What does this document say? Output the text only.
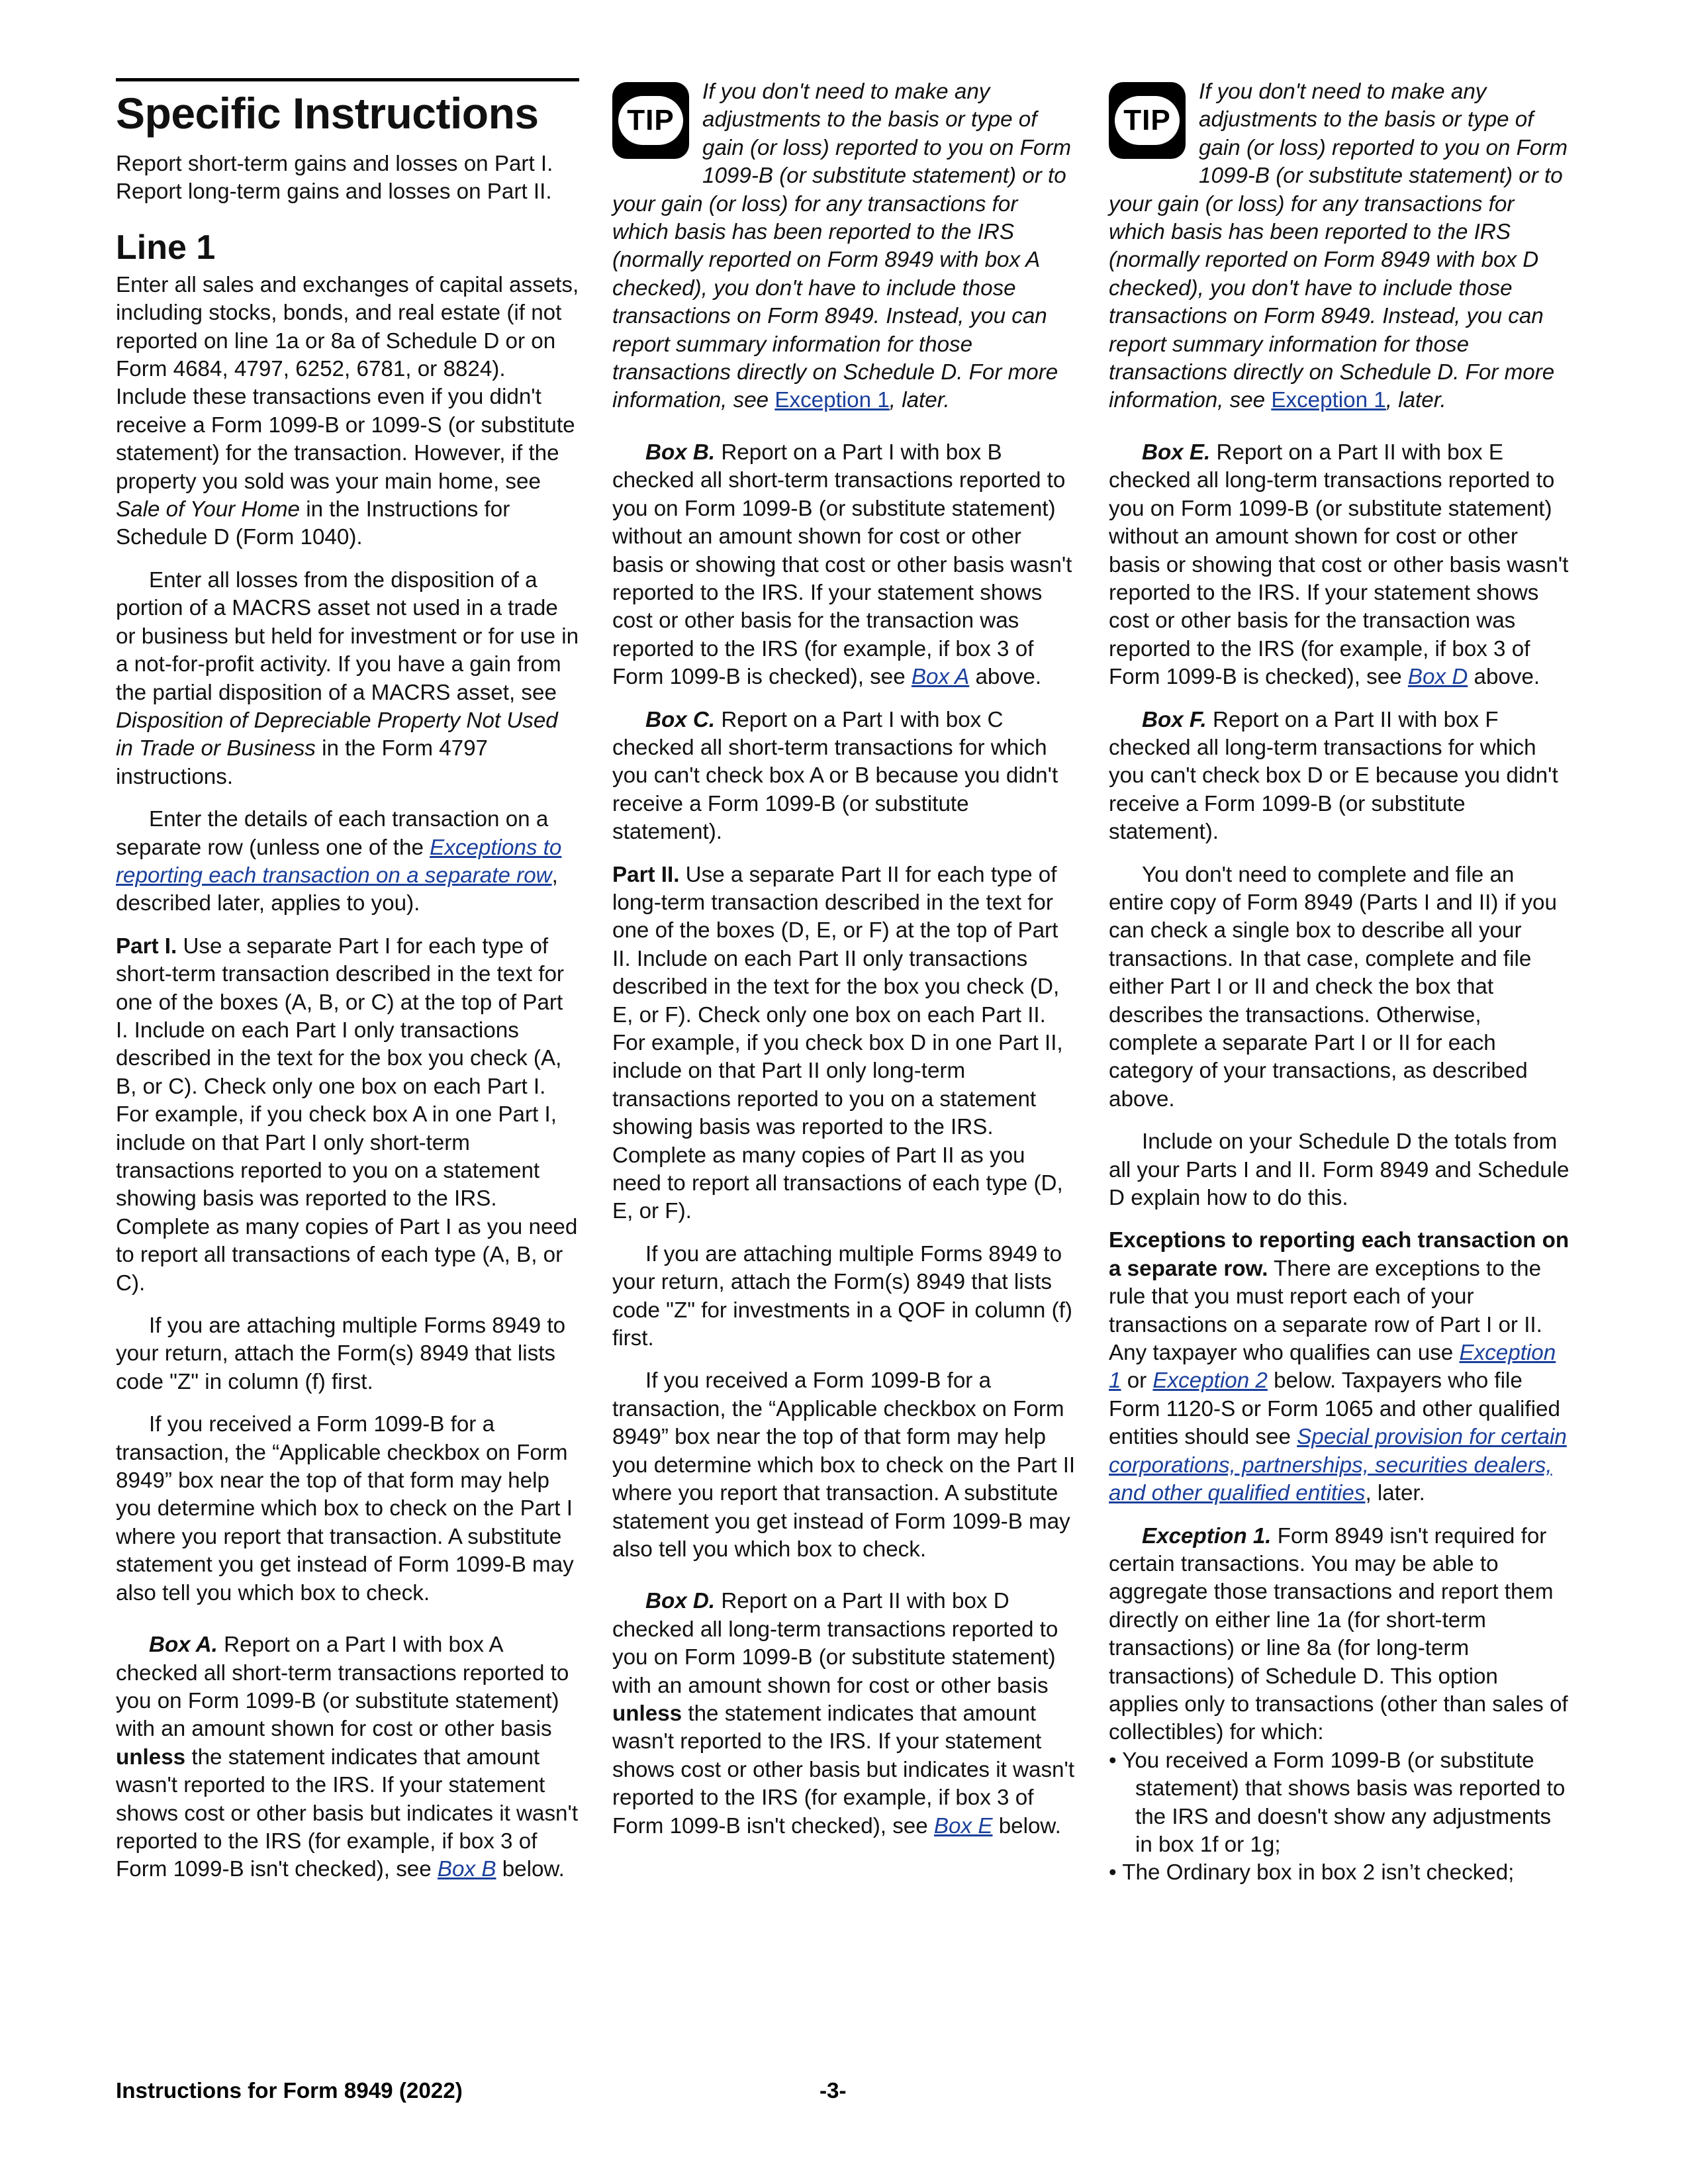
Specific Instructions

Report short-term gains and losses on Part I. Report long-term gains and losses on Part II.

Line 1

Enter all sales and exchanges of capital assets, including stocks, bonds, and real estate (if not reported on line 1a or 8a of Schedule D or on Form 4684, 4797, 6252, 6781, or 8824). Include these transactions even if you didn't receive a Form 1099-B or 1099-S (or substitute statement) for the transaction. However, if the property you sold was your main home, see Sale of Your Home in the Instructions for Schedule D (Form 1040).

Enter all losses from the disposition of a portion of a MACRS asset not used in a trade or business but held for investment or for use in a not-for-profit activity. If you have a gain from the partial disposition of a MACRS asset, see Disposition of Depreciable Property Not Used in Trade or Business in the Form 4797 instructions.

Enter the details of each transaction on a separate row (unless one of the Exceptions to reporting each transaction on a separate row, described later, applies to you).

Part I. Use a separate Part I for each type of short-term transaction described in the text for one of the boxes (A, B, or C) at the top of Part I. Include on each Part I only transactions described in the text for the box you check (A, B, or C). Check only one box on each Part I. For example, if you check box A in one Part I, include on that Part I only short-term transactions reported to you on a statement showing basis was reported to the IRS. Complete as many copies of Part I as you need to report all transactions of each type (A, B, or C).

If you are attaching multiple Forms 8949 to your return, attach the Form(s) 8949 that lists code "Z" in column (f) first.

If you received a Form 1099-B for a transaction, the “Applicable checkbox on Form 8949” box near the top of that form may help you determine which box to check on the Part I where you report that transaction. A substitute statement you get instead of Form 1099-B may also tell you which box to check.

Box A. Report on a Part I with box A checked all short-term transactions reported to you on Form 1099-B (or substitute statement) with an amount shown for cost or other basis unless the statement indicates that amount wasn't reported to the IRS. If your statement shows cost or other basis but indicates it wasn't reported to the IRS (for example, if box 3 of Form 1099-B isn't checked), see Box B below.

TIP
If you don't need to make any adjustments to the basis or type of gain (or loss) reported to you on Form 1099-B (or substitute statement) or to your gain (or loss) for any transactions for which basis has been reported to the IRS (normally reported on Form 8949 with box A checked), you don't have to include those transactions on Form 8949. Instead, you can report summary information for those transactions directly on Schedule D. For more information, see Exception 1, later.

Box B. Report on a Part I with box B checked all short-term transactions reported to you on Form 1099-B (or substitute statement) without an amount shown for cost or other basis or showing that cost or other basis wasn't reported to the IRS. If your statement shows cost or other basis for the transaction was reported to the IRS (for example, if box 3 of Form 1099-B is checked), see Box A above.

Box C. Report on a Part I with box C checked all short-term transactions for which you can't check box A or B because you didn't receive a Form 1099-B (or substitute statement).

Part II. Use a separate Part II for each type of long-term transaction described in the text for one of the boxes (D, E, or F) at the top of Part II. Include on each Part II only transactions described in the text for the box you check (D, E, or F). Check only one box on each Part II. For example, if you check box D in one Part II, include on that Part II only long-term transactions reported to you on a statement showing basis was reported to the IRS. Complete as many copies of Part II as you need to report all transactions of each type (D, E, or F).

If you are attaching multiple Forms 8949 to your return, attach the Form(s) 8949 that lists code "Z" for investments in a QOF in column (f) first.

If you received a Form 1099-B for a transaction, the “Applicable checkbox on Form 8949” box near the top of that form may help you determine which box to check on the Part II where you report that transaction. A substitute statement you get instead of Form 1099-B may also tell you which box to check.

Box D. Report on a Part II with box D checked all long-term transactions reported to you on Form 1099-B (or substitute statement) with an amount shown for cost or other basis unless the statement indicates that amount wasn't reported to the IRS. If your statement shows cost or other basis but indicates it wasn't reported to the IRS (for example, if box 3 of Form 1099-B isn't checked), see Box E below.

TIP
If you don't need to make any adjustments to the basis or type of gain (or loss) reported to you on Form 1099-B (or substitute statement) or to your gain (or loss) for any transactions for which basis has been reported to the IRS (normally reported on Form 8949 with box D checked), you don't have to include those transactions on Form 8949. Instead, you can report summary information for those transactions directly on Schedule D. For more information, see Exception 1, later.

Box E. Report on a Part II with box E checked all long-term transactions reported to you on Form 1099-B (or substitute statement) without an amount shown for cost or other basis or showing that cost or other basis wasn't reported to the IRS. If your statement shows cost or other basis for the transaction was reported to the IRS (for example, if box 3 of Form 1099-B is checked), see Box D above.

Box F. Report on a Part II with box F checked all long-term transactions for which you can't check box D or E because you didn't receive a Form 1099-B (or substitute statement).

You don't need to complete and file an entire copy of Form 8949 (Parts I and II) if you can check a single box to describe all your transactions. In that case, complete and file either Part I or II and check the box that describes the transactions. Otherwise, complete a separate Part I or II for each category of your transactions, as described above.

Include on your Schedule D the totals from all your Parts I and II. Form 8949 and Schedule D explain how to do this.

Exceptions to reporting each transaction on a separate row. There are exceptions to the rule that you must report each of your transactions on a separate row of Part I or II. Any taxpayer who qualifies can use Exception 1 or Exception 2 below. Taxpayers who file Form 1120-S or Form 1065 and other qualified entities should see Special provision for certain corporations, partnerships, securities dealers, and other qualified entities, later.

Exception 1. Form 8949 isn't required for certain transactions. You may be able to aggregate those transactions and report them directly on either line 1a (for short-term transactions) or line 8a (for long-term transactions) of Schedule D. This option applies only to transactions (other than sales of collectibles) for which:

• You received a Form 1099-B (or substitute statement) that shows basis was reported to the IRS and doesn't show any adjustments in box 1f or 1g;

• The Ordinary box in box 2 isn’t checked;

Instructions for Form 8949 (2022)	-3-
